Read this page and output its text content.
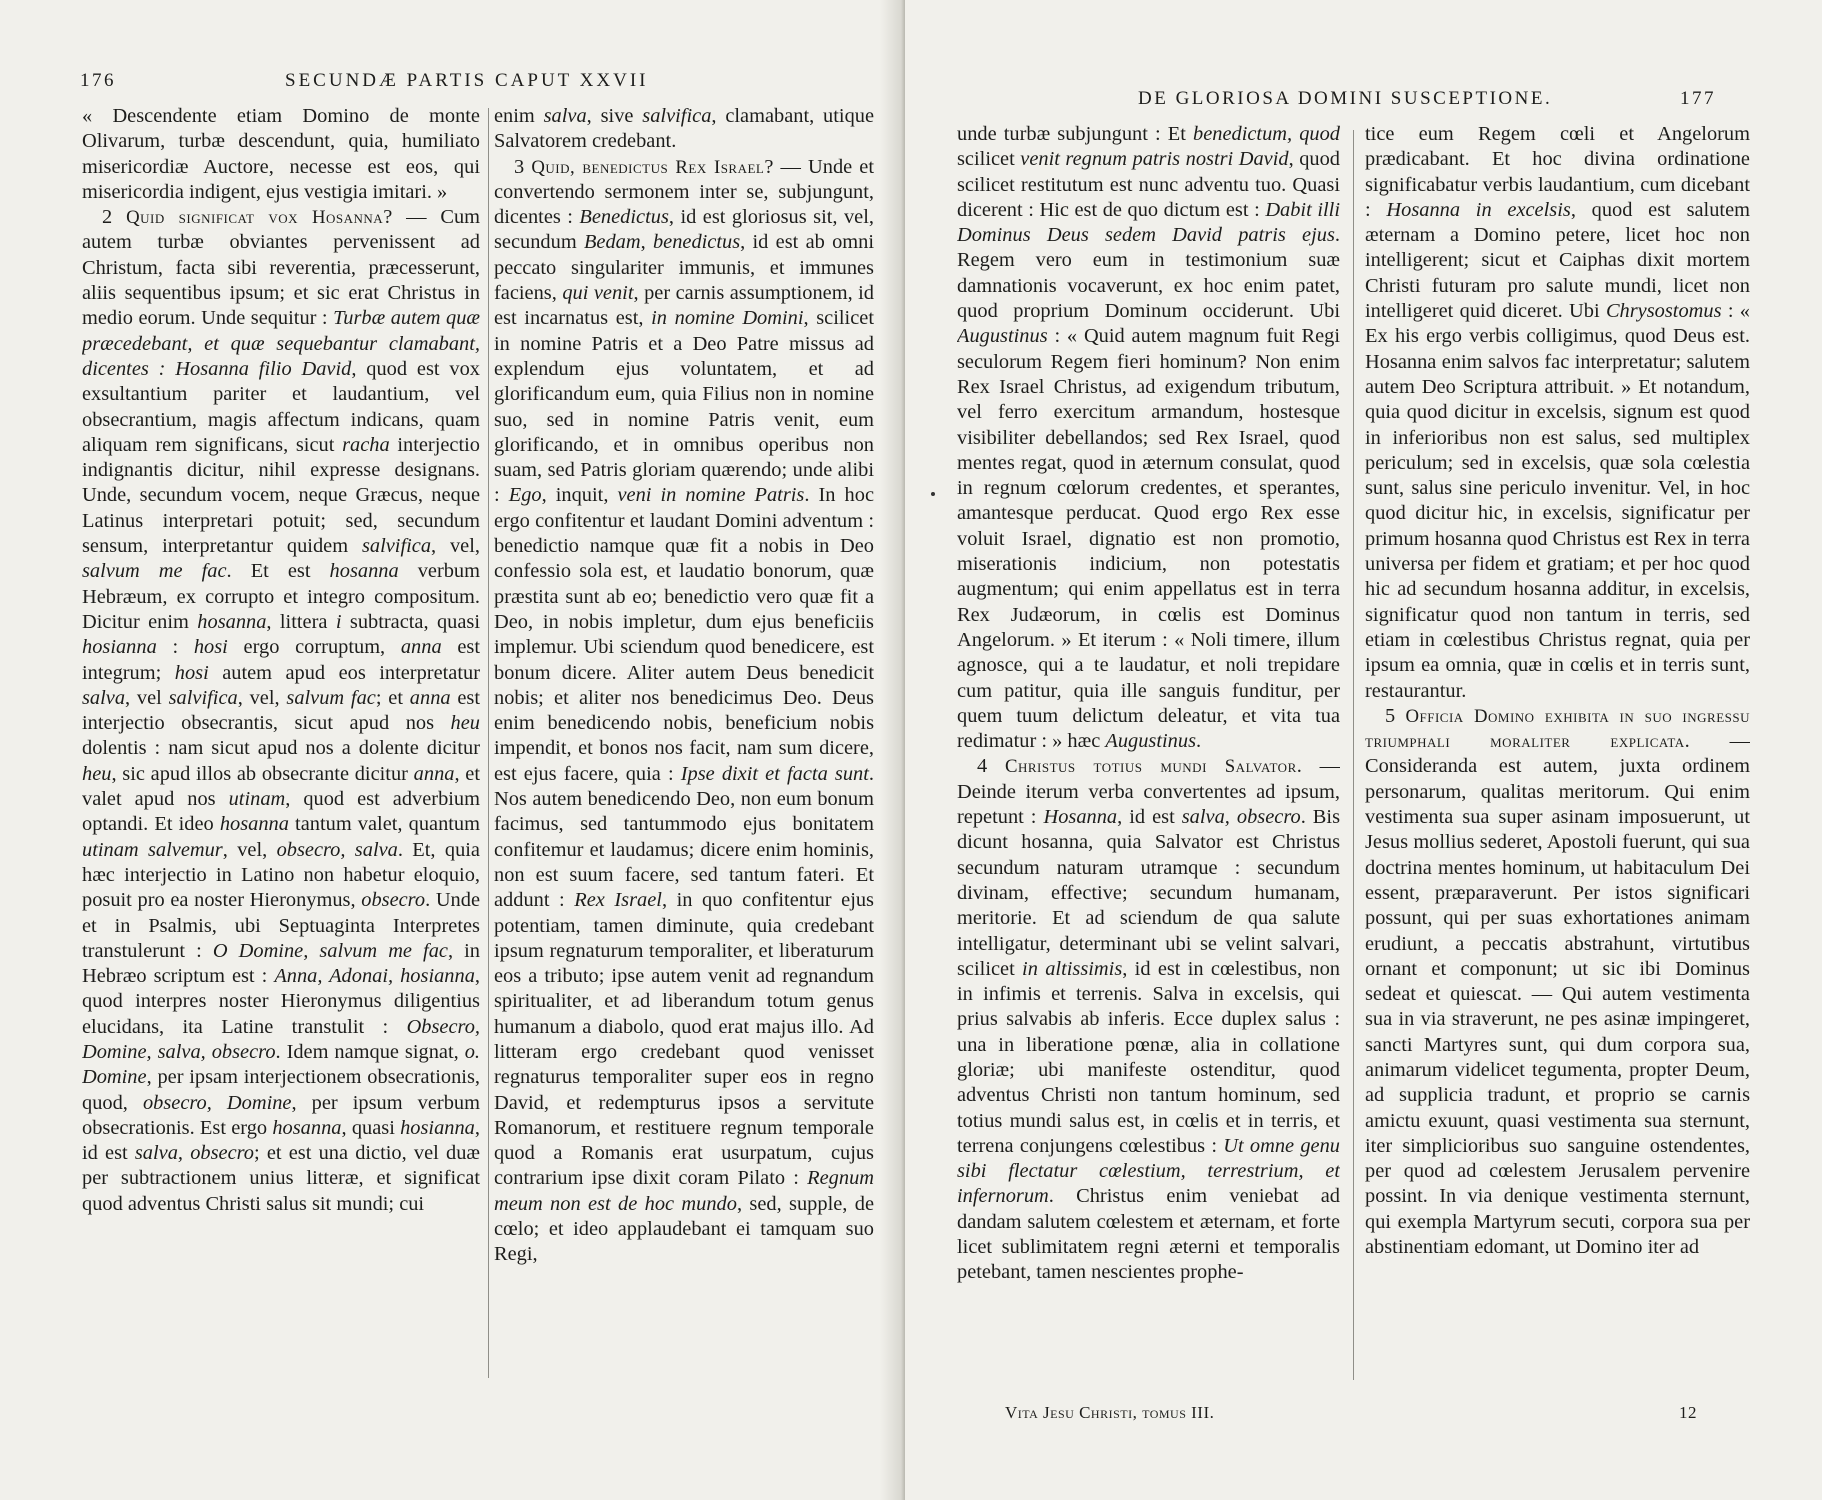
176	SECUNDÆ PARTIS CAPUT XXVII

« Descendente etiam Domino de monte Olivarum, turbæ descendunt, quia, humiliato misericordiæ Auctore, necesse est eos, qui misericordia indigent, ejus vestigia imitari. »

2 Quid significat vox Hosanna? — Cum autem turbæ obviantes pervenissent ad Christum, facta sibi reverentia, præcesserunt, aliis sequentibus ipsum; et sic erat Christus in medio eorum. Unde sequitur : Turbæ autem quæ præcedebant, et quæ sequebantur clamabant, dicentes : Hosanna filio David, quod est vox exsultantium pariter et laudantium, vel obsecrantium, magis affectum indicans, quam aliquam rem significans, sicut racha interjectio indignantis dicitur, nihil expresse designans. Unde, secundum vocem, neque Græcus, neque Latinus interpretari potuit; sed, secundum sensum, interpretantur quidem salvifica, vel, salvum me fac. Et est hosanna verbum Hebræum, ex corrupto et integro compositum. Dicitur enim hosanna, littera i subtracta, quasi hosianna : hosi ergo corruptum, anna est integrum; hosi autem apud eos interpretatur salva, vel salvifica, vel, salvum fac; et anna est interjectio obsecrantis, sicut apud nos heu dolentis : nam sicut apud nos a dolente dicitur heu, sic apud illos ab obsecrante dicitur anna, et valet apud nos utinam, quod est adverbium optandi. Et ideo hosanna tantum valet, quantum utinam salvemur, vel, obsecro, salva. Et, quia hæc interjectio in Latino non habetur eloquio, posuit pro ea noster Hieronymus, obsecro. Unde et in Psalmis, ubi Septuaginta Interpretes transtulerunt : O Domine, salvum me fac, in Hebræo scriptum est : Anna, Adonai, hosianna, quod interpres noster Hieronymus diligentius elucidans, ita Latine transtulit : Obsecro, Domine, salva, obsecro. Idem namque signat, o. Domine, per ipsam interjectionem obsecrationis, quod, obsecro, Domine, per ipsum verbum obsecrationis. Est ergo hosanna, quasi hosianna, id est salva, obsecro; et est una dictio, vel duæ per subtractionem unius litteræ, et significat quod adventus Christi salus sit mundi; cui

enim salva, sive salvifica, clamabant, utique Salvatorem credebant.

3 Quid, benedictus Rex Israel? — Unde et convertendo sermonem inter se, subjungunt, dicentes : Benedictus, id est gloriosus sit, vel, secundum Bedam, benedictus, id est ab omni peccato singulariter immunis, et immunes faciens, qui venit, per carnis assumptionem, id est incarnatus est, in nomine Domini, scilicet in nomine Patris et a Deo Patre missus ad explendum ejus voluntatem, et ad glorificandum eum, quia Filius non in nomine suo, sed in nomine Patris venit, eum glorificando, et in omnibus operibus non suam, sed Patris gloriam quærendo; unde alibi : Ego, inquit, veni in nomine Patris. In hoc ergo confitentur et laudant Domini adventum : benedictio namque quæ fit a nobis in Deo confessio sola est, et laudatio bonorum, quæ præstita sunt ab eo; benedictio vero quæ fit a Deo, in nobis impletur, dum ejus beneficiis implemur. Ubi sciendum quod benedicere, est bonum dicere. Aliter autem Deus benedicit nobis; et aliter nos benedicimus Deo. Deus enim benedicendo nobis, beneficium nobis impendit, et bonos nos facit, nam sum dicere, est ejus facere, quia : Ipse dixit et facta sunt. Nos autem benedicendo Deo, non eum bonum facimus, sed tantummodo ejus bonitatem confitemur et laudamus; dicere enim hominis, non est suum facere, sed tantum fateri. Et addunt : Rex Israel, in quo confitentur ejus potentiam, tamen diminute, quia credebant ipsum regnaturum temporaliter, et liberaturum eos a tributo; ipse autem venit ad regnandum spiritualiter, et ad liberandum totum genus humanum a diabolo, quod erat majus illo. Ad litteram ergo credebant quod venisset regnaturus temporaliter super eos in regno David, et redempturus ipsos a servitute Romanorum, et restituere regnum temporale quod a Romanis erat usurpatum, cujus contrarium ipse dixit coram Pilato : Regnum meum non est de hoc mundo, sed, supple, de cœlo; et ideo applaudebant ei tamquam suo Regi,

DE GLORIOSA DOMINI SUSCEPTIONE.	177

unde turbæ subjungunt : Et benedictum, quod scilicet venit regnum patris nostri David, quod scilicet restitutum est nunc adventu tuo. Quasi dicerent : Hic est de quo dictum est : Dabit illi Dominus Deus sedem David patris ejus. Regem vero eum in testimonium suæ damnationis vocaverunt, ex hoc enim patet, quod proprium Dominum occiderunt. Ubi Augustinus : « Quid autem magnum fuit Regi seculorum Regem fieri hominum? Non enim Rex Israel Christus, ad exigendum tributum, vel ferro exercitum armandum, hostesque visibiliter debellandos; sed Rex Israel, quod mentes regat, quod in æternum consulat, quod in regnum cœlorum credentes, et sperantes, amantesque perducat. Quod ergo Rex esse voluit Israel, dignatio est non promotio, miserationis indicium, non potestatis augmentum; qui enim appellatus est in terra Rex Judæorum, in cœlis est Dominus Angelorum. » Et iterum : « Noli timere, illum agnosce, qui a te laudatur, et noli trepidare cum patitur, quia ille sanguis funditur, per quem tuum delictum deleatur, et vita tua redimatur : » hæc Augustinus.

4 Christus totius mundi Salvator. — Deinde iterum verba convertentes ad ipsum, repetunt : Hosanna, id est salva, obsecro. Bis dicunt hosanna, quia Salvator est Christus secundum naturam utramque : secundum divinam, effective; secundum humanam, meritorie. Et ad sciendum de qua salute intelligatur, determinant ubi se velint salvari, scilicet in altissimis, id est in cœlestibus, non in infimis et terrenis. Salva in excelsis, qui prius salvabis ab inferis. Ecce duplex salus : una in liberatione pœnæ, alia in collatione gloriæ; ubi manifeste ostenditur, quod adventus Christi non tantum hominum, sed totius mundi salus est, in cœlis et in terris, et terrena conjungens cœlestibus : Ut omne genu sibi flectatur cœlestium, terrestrium, et infernorum. Christus enim veniebat ad dandam salutem cœlestem et æternam, et forte licet sublimitatem regni æterni et temporalis petebant, tamen nescientes prophe-

tice eum Regem cœli et Angelorum prædicabant. Et hoc divina ordinatione significabatur verbis laudantium, cum dicebant : Hosanna in excelsis, quod est salutem æternam a Domino petere, licet hoc non intelligerent; sicut et Caiphas dixit mortem Christi futuram pro salute mundi, licet non intelligeret quid diceret. Ubi Chrysostomus : « Ex his ergo verbis colligimus, quod Deus est. Hosanna enim salvos fac interpretatur; salutem autem Deo Scriptura attribuit. » Et notandum, quia quod dicitur in excelsis, signum est quod in inferioribus non est salus, sed multiplex periculum; sed in excelsis, quæ sola cœlestia sunt, salus sine periculo invenitur. Vel, in hoc quod dicitur hic, in excelsis, significatur per primum hosanna quod Christus est Rex in terra universa per fidem et gratiam; et per hoc quod hic ad secundum hosanna additur, in excelsis, significatur quod non tantum in terris, sed etiam in cœlestibus Christus regnat, quia per ipsum ea omnia, quæ in cœlis et in terris sunt, restaurantur.

5 Officia Domino exhibita in suo ingressu triumphali moraliter explicata. — Consideranda est autem, juxta ordinem personarum, qualitas meritorum. Qui enim vestimenta sua super asinam imposuerunt, ut Jesus mollius sederet, Apostoli fuerunt, qui sua doctrina mentes hominum, ut habitaculum Dei essent, præparaverunt. Per istos significari possunt, qui per suas exhortationes animam erudiunt, a peccatis abstrahunt, virtutibus ornant et componunt; ut sic ibi Dominus sedeat et quiescat. — Qui autem vestimenta sua in via straverunt, ne pes asinæ impingeret, sancti Martyres sunt, qui dum corpora sua, animarum videlicet tegumenta, propter Deum, ad supplicia tradunt, et proprio se carnis amictu exuunt, quasi vestimenta sua sternunt, iter simplicioribus suo sanguine ostendentes, per quod ad cœlestem Jerusalem pervenire possint. In via denique vestimenta sternunt, qui exempla Martyrum secuti, corpora sua per abstinentiam edomant, ut Domino iter ad

Vita Jesu Christi, tomus III.	12
